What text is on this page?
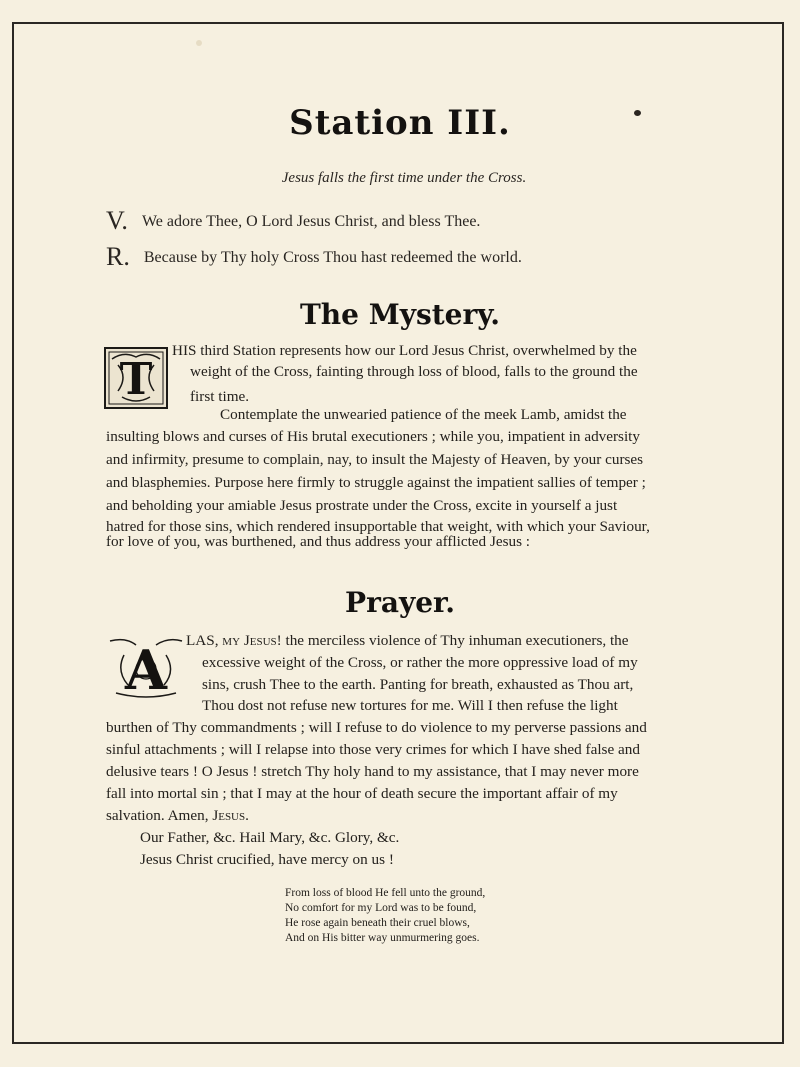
Station III.
Jesus falls the first time under the Cross.
V. We adore Thee, O Lord Jesus Christ, and bless Thee.
R. Because by Thy holy Cross Thou hast redeemed the world.
The Mystery.
T
HIS third Station represents how our Lord Jesus Christ, overwhelmed by the
weight of the Cross, fainting through loss of blood, falls to the ground the
first time.
Contemplate the unwearied patience of the meek Lamb, amidst the
insulting blows and curses of His brutal executioners ; while you, impatient in adversity
and infirmity, presume to complain, nay, to insult the Majesty of Heaven, by your curses
and blasphemies. Purpose here firmly to struggle against the impatient sallies of temper ;
and beholding your amiable Jesus prostrate under the Cross, excite in yourself a just
hatred for those sins, which rendered insupportable that weight, with which your Saviour,
for love of you, was burthened, and thus address your afflicted Jesus :
Prayer.
A LAS, my Jesus! the merciless violence of Thy inhuman executioners, the
excessive weight of the Cross, or rather the more oppressive load of my
sins, crush Thee to the earth. Panting for breath, exhausted as Thou art,
Thou dost not refuse new tortures for me. Will I then refuse the light
burthen of Thy commandments ; will I refuse to do violence to my perverse passions and
sinful attachments ; will I relapse into those very crimes for which I have shed false and
delusive tears ! O Jesus ! stretch Thy holy hand to my assistance, that I may never more
fall into mortal sin ; that I may at the hour of death secure the important affair of my
salvation. Amen, Jesus.
Our Father, &c. Hail Mary, &c. Glory, &c.
Jesus Christ crucified, have mercy on us !
From loss of blood He fell unto the ground,
No comfort for my Lord was to be found,
He rose again beneath their cruel blows,
And on His bitter way unmurmering goes.
